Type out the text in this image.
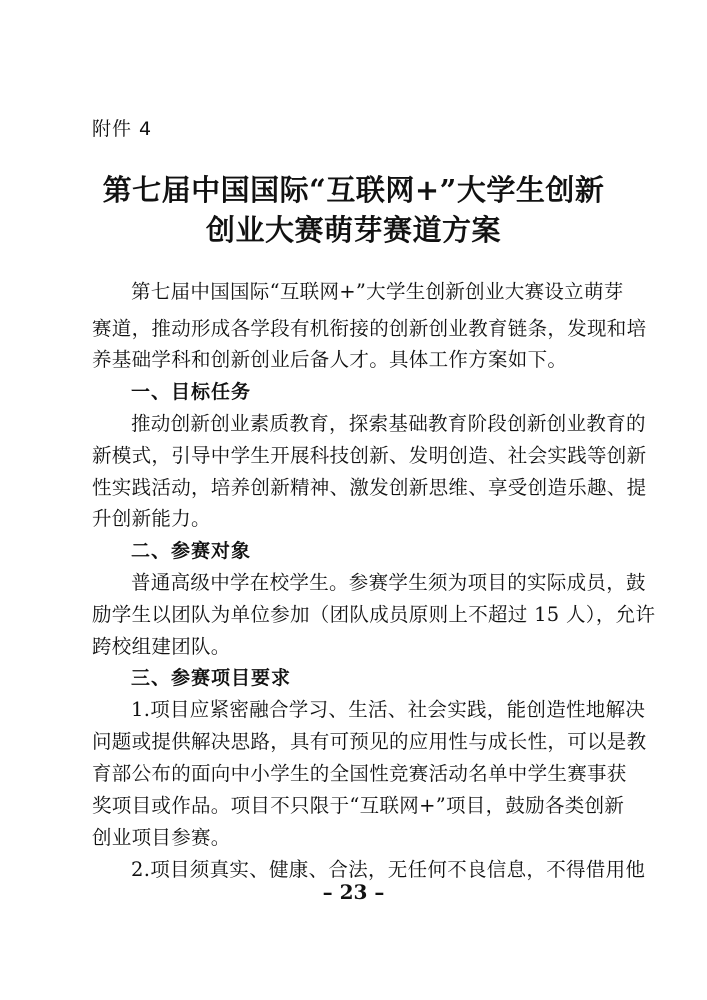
附件 4

第七届中国国际“互联网+”大学生创新
创业大赛萌芽赛道方案

第七届中国国际“互联网+”大学生创新创业大赛设立萌芽

赛道，推动形成各学段有机衔接的创新创业教育链条，发现和培

养基础学科和创新创业后备人才。具体工作方案如下。

一、目标任务

推动创新创业素质教育，探索基础教育阶段创新创业教育的

新模式，引导中学生开展科技创新、发明创造、社会实践等创新

性实践活动，培养创新精神、激发创新思维、享受创造乐趣、提

升创新能力。

二、参赛对象

普通高级中学在校学生。参赛学生须为项目的实际成员，鼓

励学生以团队为单位参加（团队成员原则上不超过 15 人），允许

跨校组建团队。

三、参赛项目要求

1.项目应紧密融合学习、生活、社会实践，能创造性地解决

问题或提供解决思路，具有可预见的应用性与成长性，可以是教

育部公布的面向中小学生的全国性竞赛活动名单中学生赛事获

奖项目或作品。项目不只限于“互联网+”项目，鼓励各类创新

创业项目参赛。

2.项目须真实、健康、合法，无任何不良信息，不得借用他

– 23 –
